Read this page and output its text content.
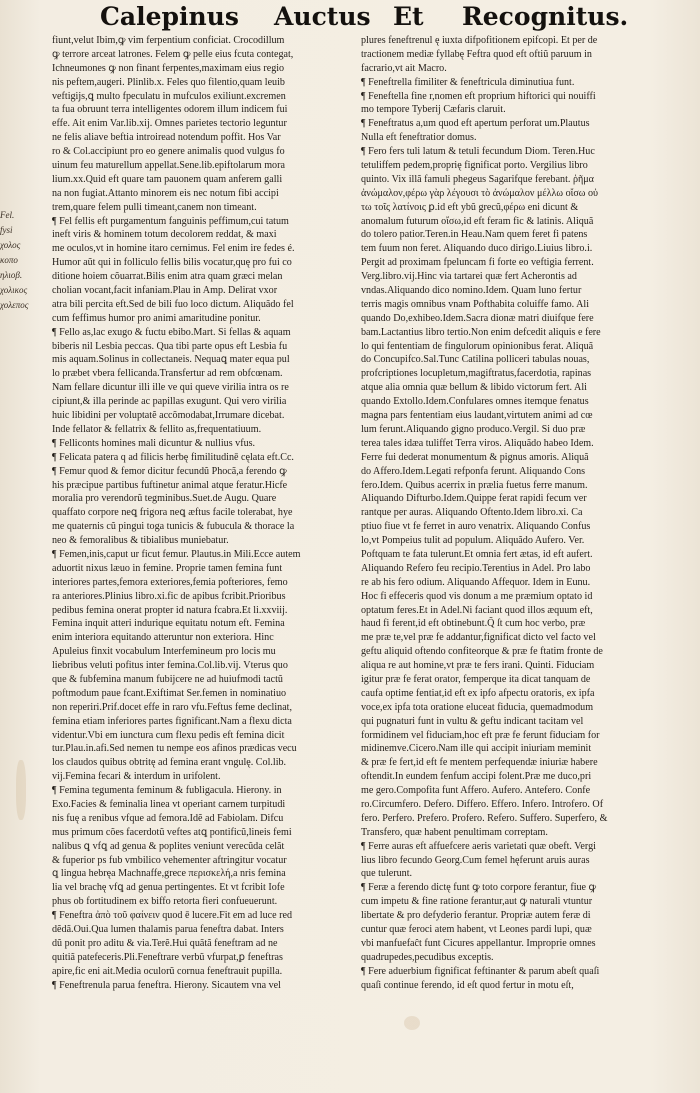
Calepinus Auctus Et Recognitus.
Fel.
fysi
χολος
κοπο
ηλιοβ.
χολικος
χολεπος
fiunt,velut Ibim,ꝙ vim ferpentium conficiat. Crocodillum
ꝙ terrore arceat latrones. Felem ꝙ pelle eius fcuta contegat,
Ichneumones ꝙ non finant ferpentes,maximam eius regio
nis peftem,augeri. Plinlib.x. Feles quo filentio,quam leuib
veftigijs,ꝗ multo fpeculatu in mufculos exiliunt.excremen
ta fua obruunt terra intelligentes odorem illum indicem fui
effe. Ait enim Var.lib.xij. Omnes parietes tectorio leguntur
ne felis aliave beftia introiread notendum poffit. Hos Var
ro & Col.accipiunt pro eo genere animalis quod vulgus fo
uinum feu maturellum appellat.Sene.lib.epiftolarum mora
lium.xx.Quid eft quare tam pauonem quam anferem galli
na non fugiat.Attanto minorem eis nec notum fibi accipi
trem,quare felem pulli timeant,canem non timeant.
¶ Fel fellis eft purgamentum fanguinis peffimum,cui tatum
ineft viris & hominem totum decolorem reddat, & maxi
me oculos,vt in homine itaro cernimus. Fel enim ire fedes é.
Humor aũt qui in folliculo fellis bilis vocatur,quę pro fui co
ditione hoiem cõuarrat.Bilis enim atra quam græci melan
cholian vocant,facit infaniam.Plau in Amp. Delirat vxor
atra bili percita eft.Sed de bili fuo loco dictum. Aliquãdo fel
cum feffimus humor pro animi amaritudine ponitur.
¶ Fello as,lac exugo & fuctu ebibo.Mart. Si fellas & aquam
biberis nil Lesbia peccas. Qua tibi parte opus eft Lesbia fu
mis aquam.Solinus in collectaneis. Nequaꝗ mater equa pul
lo præbet vbera fellicanda.Transfertur ad rem obfcœnam.
Nam fellare dicuntur illi ille ve qui queve virilia intra os re
cipiunt,& illa perinde ac papillas exugunt. Qui vero virilia
huic libidini per voluptatẽ accõmodabat,Irrumare dicebat.
Inde fellator & fellatrix & fellito as,frequentatiuum.
¶ Felliconts homines mali dicuntur & nullius vfus.
¶ Felicata patera q ad filicis herbę fimilitudinē cęlata eft.Cc.
¶ Femur quod & femor dicitur fecundũ Phocã,a ferendo ꝙ
his præcipue partibus fuftinetur animal atque feratur.Hicfe
moralia pro verendorũ tegminibus.Suet.de Augu. Quare
quaffato corpore neꝗ frigora neꝗ æftus facile tolerabat, hye
me quaternis cũ pingui toga tunicis & fubucula & thorace la
neo & femoralibus & tibialibus muniebatur.
¶ Femen,inis,caput ur ficut femur. Plautus.in Mili.Ecce autem
aduortit nixus læuo in femine. Proprie tamen femina funt
interiores partes,femora exteriores,femia pofteriores, femo
ra anteriores.Plinius libro.xi.fic de apibus fcribit.Prioribus
pedibus femina onerat propter id natura fcabra.Et li.xxviij.
Femina inquit atteri indurique equitatu notum eft. Femina
enim interiora equitando atteruntur non exteriora. Hinc
Apuleius finxit vocabulum Interfemineum pro locis mu
liebribus veluti pofitus inter femina.Col.lib.vij. Vterus quo
que & fubfemina manum fubijcere ne ad huiufmodi tactũ
poftmodum paue fcant.Exiftimat Ser.femen in nominatiuo
non reperiri.Prif.docet effe in raro vfu.Feftus feme declinat,
femina etiam inferiores partes fignificant.Nam a flexu dicta
videntur.Vbi em iunctura cum flexu pedis eft femina dicit
tur.Plau.in.afi.Sed nemen tu nempe eos afinos prædicas vecu
los claudos quibus obtritę ad femina erant vngulę. Col.lib.
vij.Femina fecari & interdum in urifolent.
¶ Femina tegumenta feminum & fubligacula. Hierony. in
Exo.Facies & feminalia linea vt operiant carnem turpitudi
nis fuę a renibus vfque ad femora.Idẽ ad Fabiolam. Difcu
mus primum cões facerdotũ veftes atꝗ pontificũ,lineis femi
nalibus ꝗ vfꝗ ad genua & poplites veniunt verecũda celãt
& fuperior ps fub vmbilico vehementer aftringitur vocatur
ꝗ lingua hebręa Machnaffe,grece περισκελή,a nris femina
lia vel brachę vfꝗ ad genua pertingentes. Et vt fcribit Iofe
phus ob fortitudinem ex biffo retorta fieri confueuerunt.
¶ Feneftra ἀπὸ τοῦ φαίνειν quod ē lucere.Fit em ad luce red
dẽdã.Oui.Qua lumen thalamis parua feneftra dabat. Inters
dũ ponit pro aditu & via.Terẽ.Hui quãtã feneftram ad ne
quitiã patefeceris.Pli.Feneftrare verbũ vfurpat,ꝑ feneftras
apire,fic eni ait.Media oculorũ cornua feneftrauit pupilla.
¶ Feneftrenula parua feneftra. Hierony. Sicautem vna vel
plures feneftrenul ę iuxta difpofitionem epifcopi. Et per de
tractionem mediæ fyllabę Feftra quod eft oftiũ paruum in
facrario,vt ait Macro.
¶ Feneftrella fimiliter & feneftricula diminutiua funt.
¶ Feneftella fine r,nomen eft proprium hiftorici qui nouiffi
mo tempore Tyberij Cæfaris claruit.
¶ Feneftratus a,um quod eft apertum perforat um.Plautus
Nulla eft feneftratior domus.
¶ Fero fers tuli latum & tetuli fecundum Diom. Teren.Huc
tetuliffem pedem,proprię fignificat porto. Vergilius libro
quinto. Vix illã famuli phegeus Sagarifque ferebant. ῥῆμα
ἀνώμαλον,φέρω γὰρ λέγουσι τὸ ἀνώμαλον μέλλω οἴσω οὐ
τω τοῖς λατίνοις ꝑ.id eft ybũ grecũ,φέρω eni dicunt &
anomalum futurum οἴσω,id eft feram fic & latinis. Aliquã
do tolero patior.Teren.in Heau.Nam quem feret fi patens
tem fuum non feret. Aliquando duco dirigo.Liuius libro.i.
Pergit ad proximam fpeluncam fi forte eo veftigia ferrent.
Verg.libro.vij.Hinc via tartarei quæ fert Acherontis ad
vndas.Aliquando dico nomino.Idem. Quam luno fertur
terris magis omnibus vnam Pofthabita coluiffe famo. Ali
quando Do,exhibeo.Idem.Sacra dionæ matri diuifque fere
bam.Lactantius libro tertio.Non enim defcedit aliquis e fere
lo qui fententiam de fingulorum opinionibus ferat. Aliquã
do Concupifco.Sal.Tunc Catilina polliceri tabulas nouas,
profcriptiones locupletum,magiftratus,facerdotia, rapinas
atque alia omnia quæ bellum & libido victorum fert. Ali
quando Extollo.Idem.Confulares omnes itemque fenatus
magna pars fententiam eius laudant,virtutem animi ad cœ
lum ferunt.Aliquando gigno produco.Vergil. Si duo præ
terea tales idæa tuliffet Terra viros. Aliquãdo habeo Idem.
Ferre fui dederat monumentum & pignus amoris. Aliquã
do Affero.Idem.Legati refponfa ferunt. Aliquando Cons
fero.Idem. Quibus acerrix in prælia fuetus ferre manum.
Aliquando Difturbo.Idem.Quippe ferat rapidi fecum ver
rantque per auras. Aliquando Oftento.Idem libro.xi. Ca
ptiuo fiue vt fe ferret in auro venatrix. Aliquando Confus
lo,vt Pompeius tulit ad populum. Aliquãdo Aufero. Ver.
Poftquam te fata tulerunt.Et omnia fert ætas, id eft aufert.
Aliquando Refero feu recipio.Terentius in Adel. Pro labo
re ab his fero odium. Aliquando Affequor. Idem in Eunu.
Hoc fi effeceris quod vis donum a me præmium optato id
optatum feres.Et in Adel.Ni faciant quod illos æquum eft,
haud fi ferent,id eft obtinebunt.Q̃ ſt cum hoc verbo, præ
me præ te,vel præ fe addantur,fignificat dicto vel facto vel
geftu aliquid oftendo confiteorque & præ fe ftatim fronte de
aliqua re aut homine,vt præ te fers irani. Quinti. Fiduciam
igitur præ fe ferat orator, femperque ita dicat tanquam de
caufa optime fentiat,id eft ex ipfo afpectu oratoris, ex ipfa
voce,ex ipfa tota oratione eluceat fiducia, quemadmodum
qui pugnaturi funt in vultu & geftu indicant tacitam vel
formidinem vel fiduciam,hoc eft præ fe ferunt fiduciam for
midinemve.Cicero.Nam ille qui accipit iniuriam meminit
& præ fe fert,id eft fe mentem perfequendæ iniuriæ habere
oftendit.In eundem fenfum accipi folent.Præ me duco,pri
me gero.Compofita funt Affero. Aufero. Antefero. Confe
ro.Circumfero. Defero. Differo. Effero. Infero. Introfero. Of
fero. Perfero. Prefero. Profero. Refero. Suffero. Superfero, &
Transfero, quæ habent penultimam correptam.
¶ Ferre auras eft affuefcere aeris varietati quæ obeft. Vergi
lius libro fecundo Georg.Cum femel hęferunt aruis auras
que tulerunt.
¶ Feræ a ferendo dictę funt ꝙ toto corpore ferantur, fiue ꝙ
cum impetu & fine ratione ferantur,aut ꝙ naturali vtuntur
libertate & pro defyderio ferantur. Propriæ autem feræ di
cuntur quæ feroci atem habent, vt Leones pardi lupi, quæ
vbi manfuefaĉt funt Cicures appellantur. Improprie omnes
quadrupedes,pecudibus exceptis.
¶ Fere aduerbium fignificat feftinanter & parum abeſt quaſi
quaſi continue ferendo, id eſt quod fertur in motu eſt,
